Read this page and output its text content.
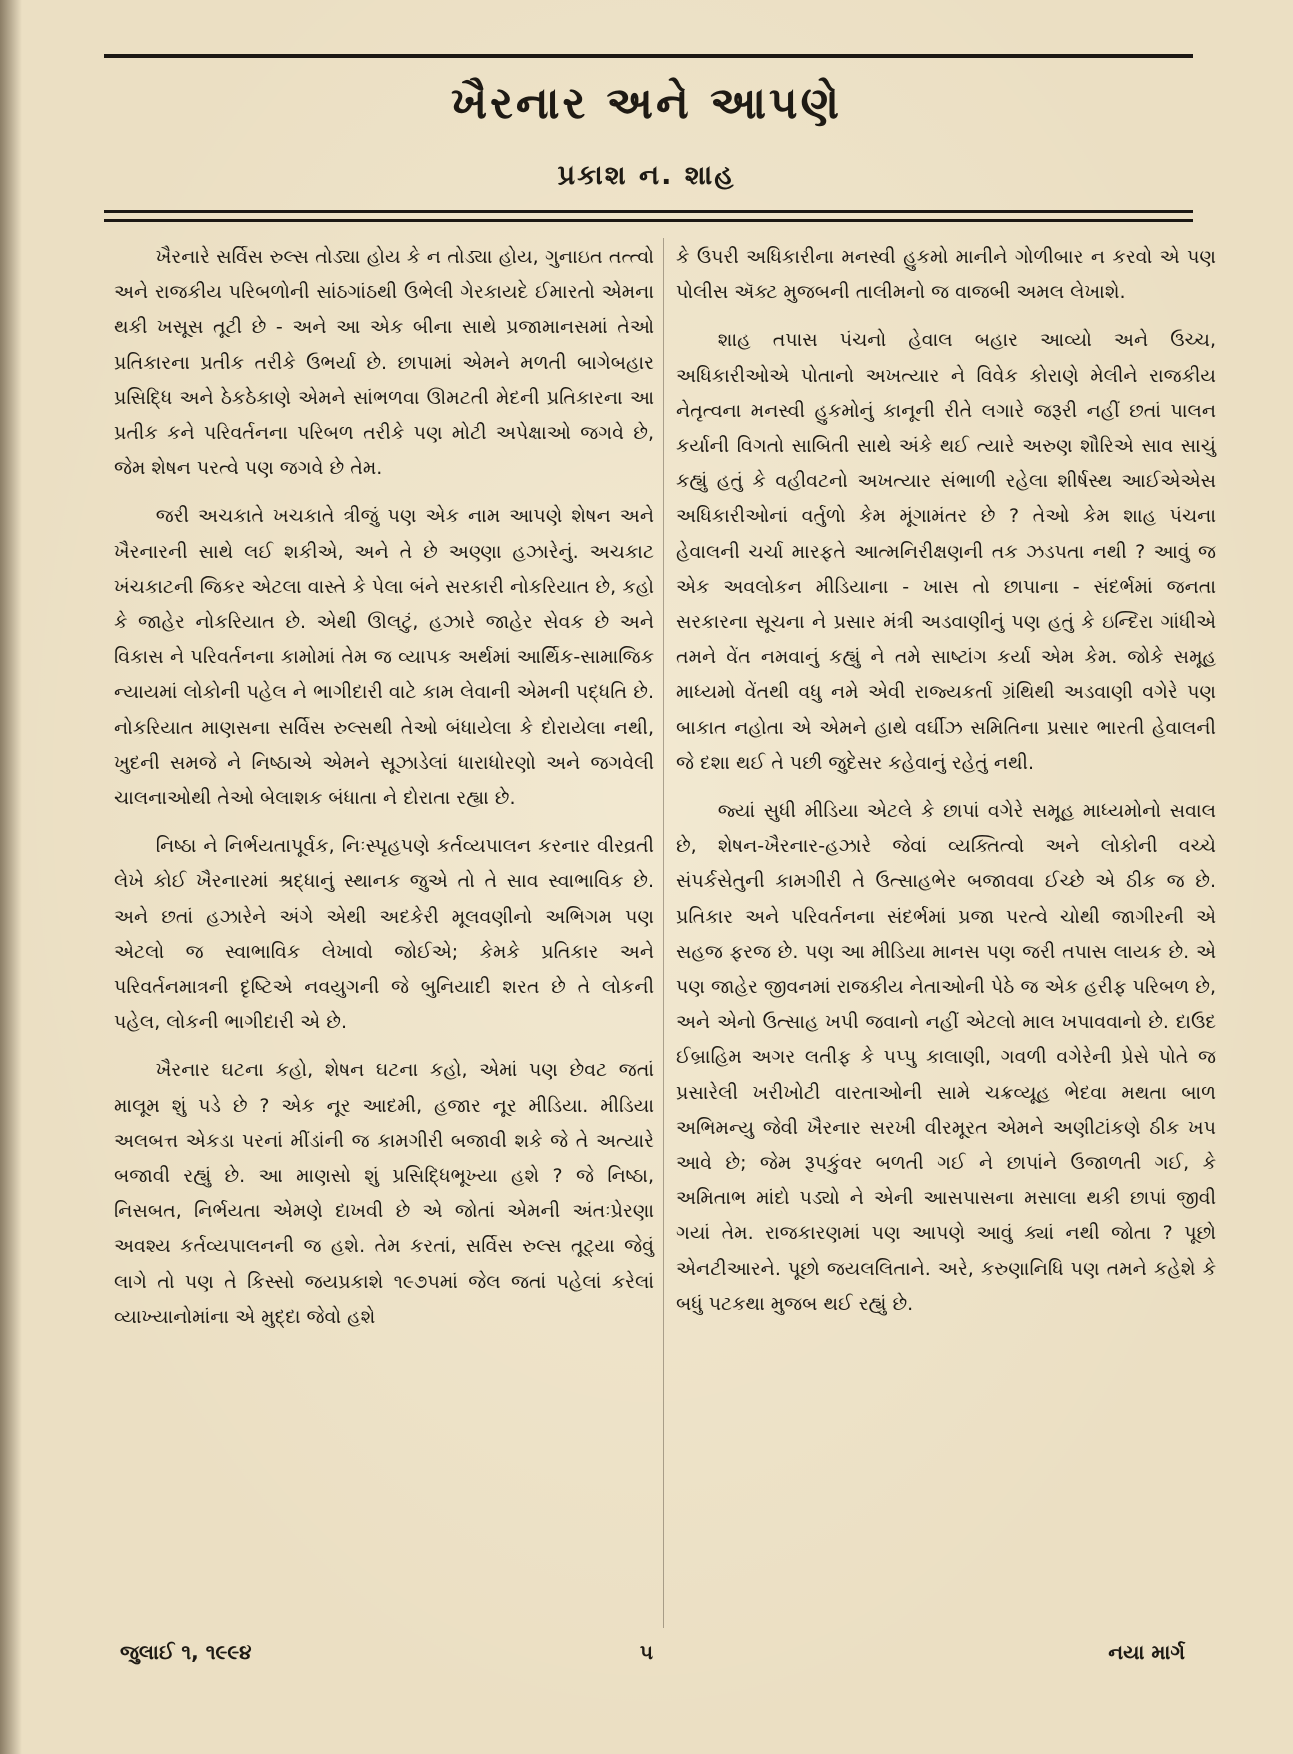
ખૈરનાર અને આપણે
પ્રકાશ ન. શાહ

ખૈરનારે સર્વિસ રુલ્સ તોડ્યા હોય કે ન તોડ્યા હોય, ગુનાઇત તત્ત્વો અને રાજકીય પરિબળોની સાંઠગાંઠથી ઉભેલી ગેરકાયદે ઈમારતો એમના થકી ખસૂસ તૂટી છે - અને આ એક બીના સાથે પ્રજામાનસમાં તેઓ પ્રતિકારના પ્રતીક તરીકે ઉભર્યા છે. છાપામાં એમને મળતી બાગેબહાર પ્રસિદ્ધિ અને ઠેકઠેકાણે એમને સાંભળવા ઊમટતી મેદની પ્રતિકારના આ પ્રતીક કને પરિવર્તનના પરિબળ તરીકે પણ મોટી અપેક્ષાઓ જગવે છે, જેમ શેષન પરત્વે પણ જગવે છે તેમ.

જરી અચકાતે ખચકાતે ત્રીજું પણ એક નામ આપણે શેષન અને ખૈરનારની સાથે લઈ શકીએ, અને તે છે અણ્ણા હઝારેનું. અચકાટ ખંચકાટની જિકર એટલા વાસ્તે કે પેલા બંને સરકારી નોકરિયાત છે, કહો કે જાહેર નોકરિયાત છે. એથી ઊલટું, હઝારે જાહેર સેવક છે અને વિકાસ ને પરિવર્તનના કામોમાં તેમ જ વ્યાપક અર્થમાં આર્થિક-સામાજિક ન્યાયમાં લોકોની પહેલ ને ભાગીદારી વાટે કામ લેવાની એમની પદ્ધતિ છે. નોકરિયાત માણસના સર્વિસ રુલ્સથી તેઓ બંધાયેલા કે દોરાયેલા નથી, ખુદની સમજે ને નિષ્ઠાએ એમને સૂઝાડેલાં ધારાધોરણો અને જગવેલી ચાલનાઓથી તેઓ બેલાશક બંધાતા ને દોરાતા રહ્યા છે.

નિષ્ઠા ને નિર્ભયતાપૂર્વક, નિઃસ્પૃહપણે કર્તવ્યપાલન કરનાર વીરવ્રતી લેખે કોઈ ખૈરનારમાં શ્રદ્ધાનું સ્થાનક જુએ તો તે સાવ સ્વાભાવિક છે. અને છતાં હઝારેને અંગે એથી અદકેરી મૂલવણીનો અભિગમ પણ એટલો જ સ્વાભાવિક લેખાવો જોઈએ; કેમકે પ્રતિકાર અને પરિવર્તનમાત્રની દૃષ્ટિએ નવયુગની જે બુનિયાદી શરત છે તે લોકની પહેલ, લોકની ભાગીદારી એ છે.

ખૈરનાર ઘટના કહો, શેષન ઘટના કહો, એમાં પણ છેવટ જતાં માલૂમ શું પડે છે ? એક નૂર આદમી, હજાર નૂર મીડિયા. મીડિયા અલબત્ત એકડા પરનાં મીંડાંની જ કામગીરી બજાવી શકે જે તે અત્યારે બજાવી રહ્યું છે. આ માણસો શું પ્રસિદ્ધિભૂખ્યા હશે ? જે નિષ્ઠા, નિસબત, નિર્ભયતા એમણે દાખવી છે એ જોતાં એમની અંતઃપ્રેરણા અવશ્ય કર્તવ્યપાલનની જ હશે. તેમ કરતાં, સર્વિસ રુલ્સ તૂટ્યા જેવું લાગે તો પણ તે કિસ્સો જયપ્રકાશે ૧૯૭૫માં જેલ જતાં પહેલાં કરેલાં વ્યાખ્યાનોમાંના એ મુદ્દા જેવો હશે

કે ઉપરી અધિકારીના મનસ્વી હુકમો માનીને ગોળીબાર ન કરવો એ પણ પોલીસ ઍક્ટ મુજબની તાલીમનો જ વાજબી અમલ લેખાશે.

શાહ તપાસ પંચનો હેવાલ બહાર આવ્યો અને ઉચ્ચ, અધિકારીઓએ પોતાનો અખત્યાર ને વિવેક કોરાણે મેલીને રાજકીય નેતૃત્વના મનસ્વી હુકમોનું કાનૂની રીતે લગારે જરૂરી નહીં છતાં પાલન કર્યાની વિગતો સાબિતી સાથે અંકે થઈ ત્યારે અરુણ શૌરિએ સાવ સાચું કહ્યું હતું કે વહીવટનો અખત્યાર સંભાળી રહેલા શીર્ષસ્થ આઈએએસ અધિકારીઓનાં વર્તુળો કેમ મૂંગામંતર છે ? તેઓ કેમ શાહ પંચના હેવાલની ચર્ચા મારફતે આત્મનિરીક્ષણની તક ઝડપતા નથી ? આવું જ એક અવલોકન મીડિયાના - ખાસ તો છાપાના - સંદર્ભમાં જનતા સરકારના સૂચના ને પ્રસાર મંત્રી અડવાણીનું પણ હતું કે ઇન્દિરા ગાંધીએ તમને વેંત નમવાનું કહ્યું ને તમે સાષ્ટાંગ કર્યા એમ કેમ. જોકે સમૂહ માધ્યમો વેંતથી વધુ નમે એવી રાજ્યકર્તા ગ્રંથિથી અડવાણી વગેરે પણ બાકાત નહોતા એ એમને હાથે વર્ઘીઝ સમિતિના પ્રસાર ભારતી હેવાલની જે દશા થઈ તે પછી જુદેસર કહેવાનું રહેતું નથી.

જ્યાં સુધી મીડિયા એટલે કે છાપાં વગેરે સમૂહ માધ્યમોનો સવાલ છે, શેષન-ખૈરનાર-હઝારે જેવાં વ્યક્તિત્વો અને લોકોની વચ્ચે સંપર્કસેતુની કામગીરી તે ઉત્સાહભેર બજાવવા ઈચ્છે એ ઠીક જ છે. પ્રતિકાર અને પરિવર્તનના સંદર્ભમાં પ્રજા પરત્વે ચોથી જાગીરની એ સહજ ફરજ છે. પણ આ મીડિયા માનસ પણ જરી તપાસ લાયક છે. એ પણ જાહેર જીવનમાં રાજકીય નેતાઓની પેઠે જ એક હરીફ પરિબળ છે, અને એનો ઉત્સાહ ખપી જવાનો નહીં એટલો માલ ખપાવવાનો છે. દાઉદ ઈબ્રાહિમ અગર લતીફ કે પપ્પુ કાલાણી, ગવળી વગેરેની પ્રેસે પોતે જ પ્રસારેલી ખરીખોટી વારતાઓની સામે ચક્રવ્યૂહ ભેદવા મથતા બાળ અભિમન્યુ જેવી ખૈરનાર સરખી વીરમૂરત એમને અણીટાંકણે ઠીક ખપ આવે છે; જેમ રૂપકુંવર બળતી ગઈ ને છાપાંને ઉજાળતી ગઈ, કે અમિતાભ માંદો પડ્યો ને એની આસપાસના મસાલા થકી છાપાં જીવી ગયાં તેમ. રાજકારણમાં પણ આપણે આવું ક્યાં નથી જોતા ? પૂછો એનટીઆરને. પૂછો જયલલિતાને. અરે, કરુણાનિધિ પણ તમને કહેશે કે બધું પટકથા મુજબ થઈ રહ્યું છે.

જુલાઈ ૧, ૧૯૯૪	૫	નયા માર્ગ
